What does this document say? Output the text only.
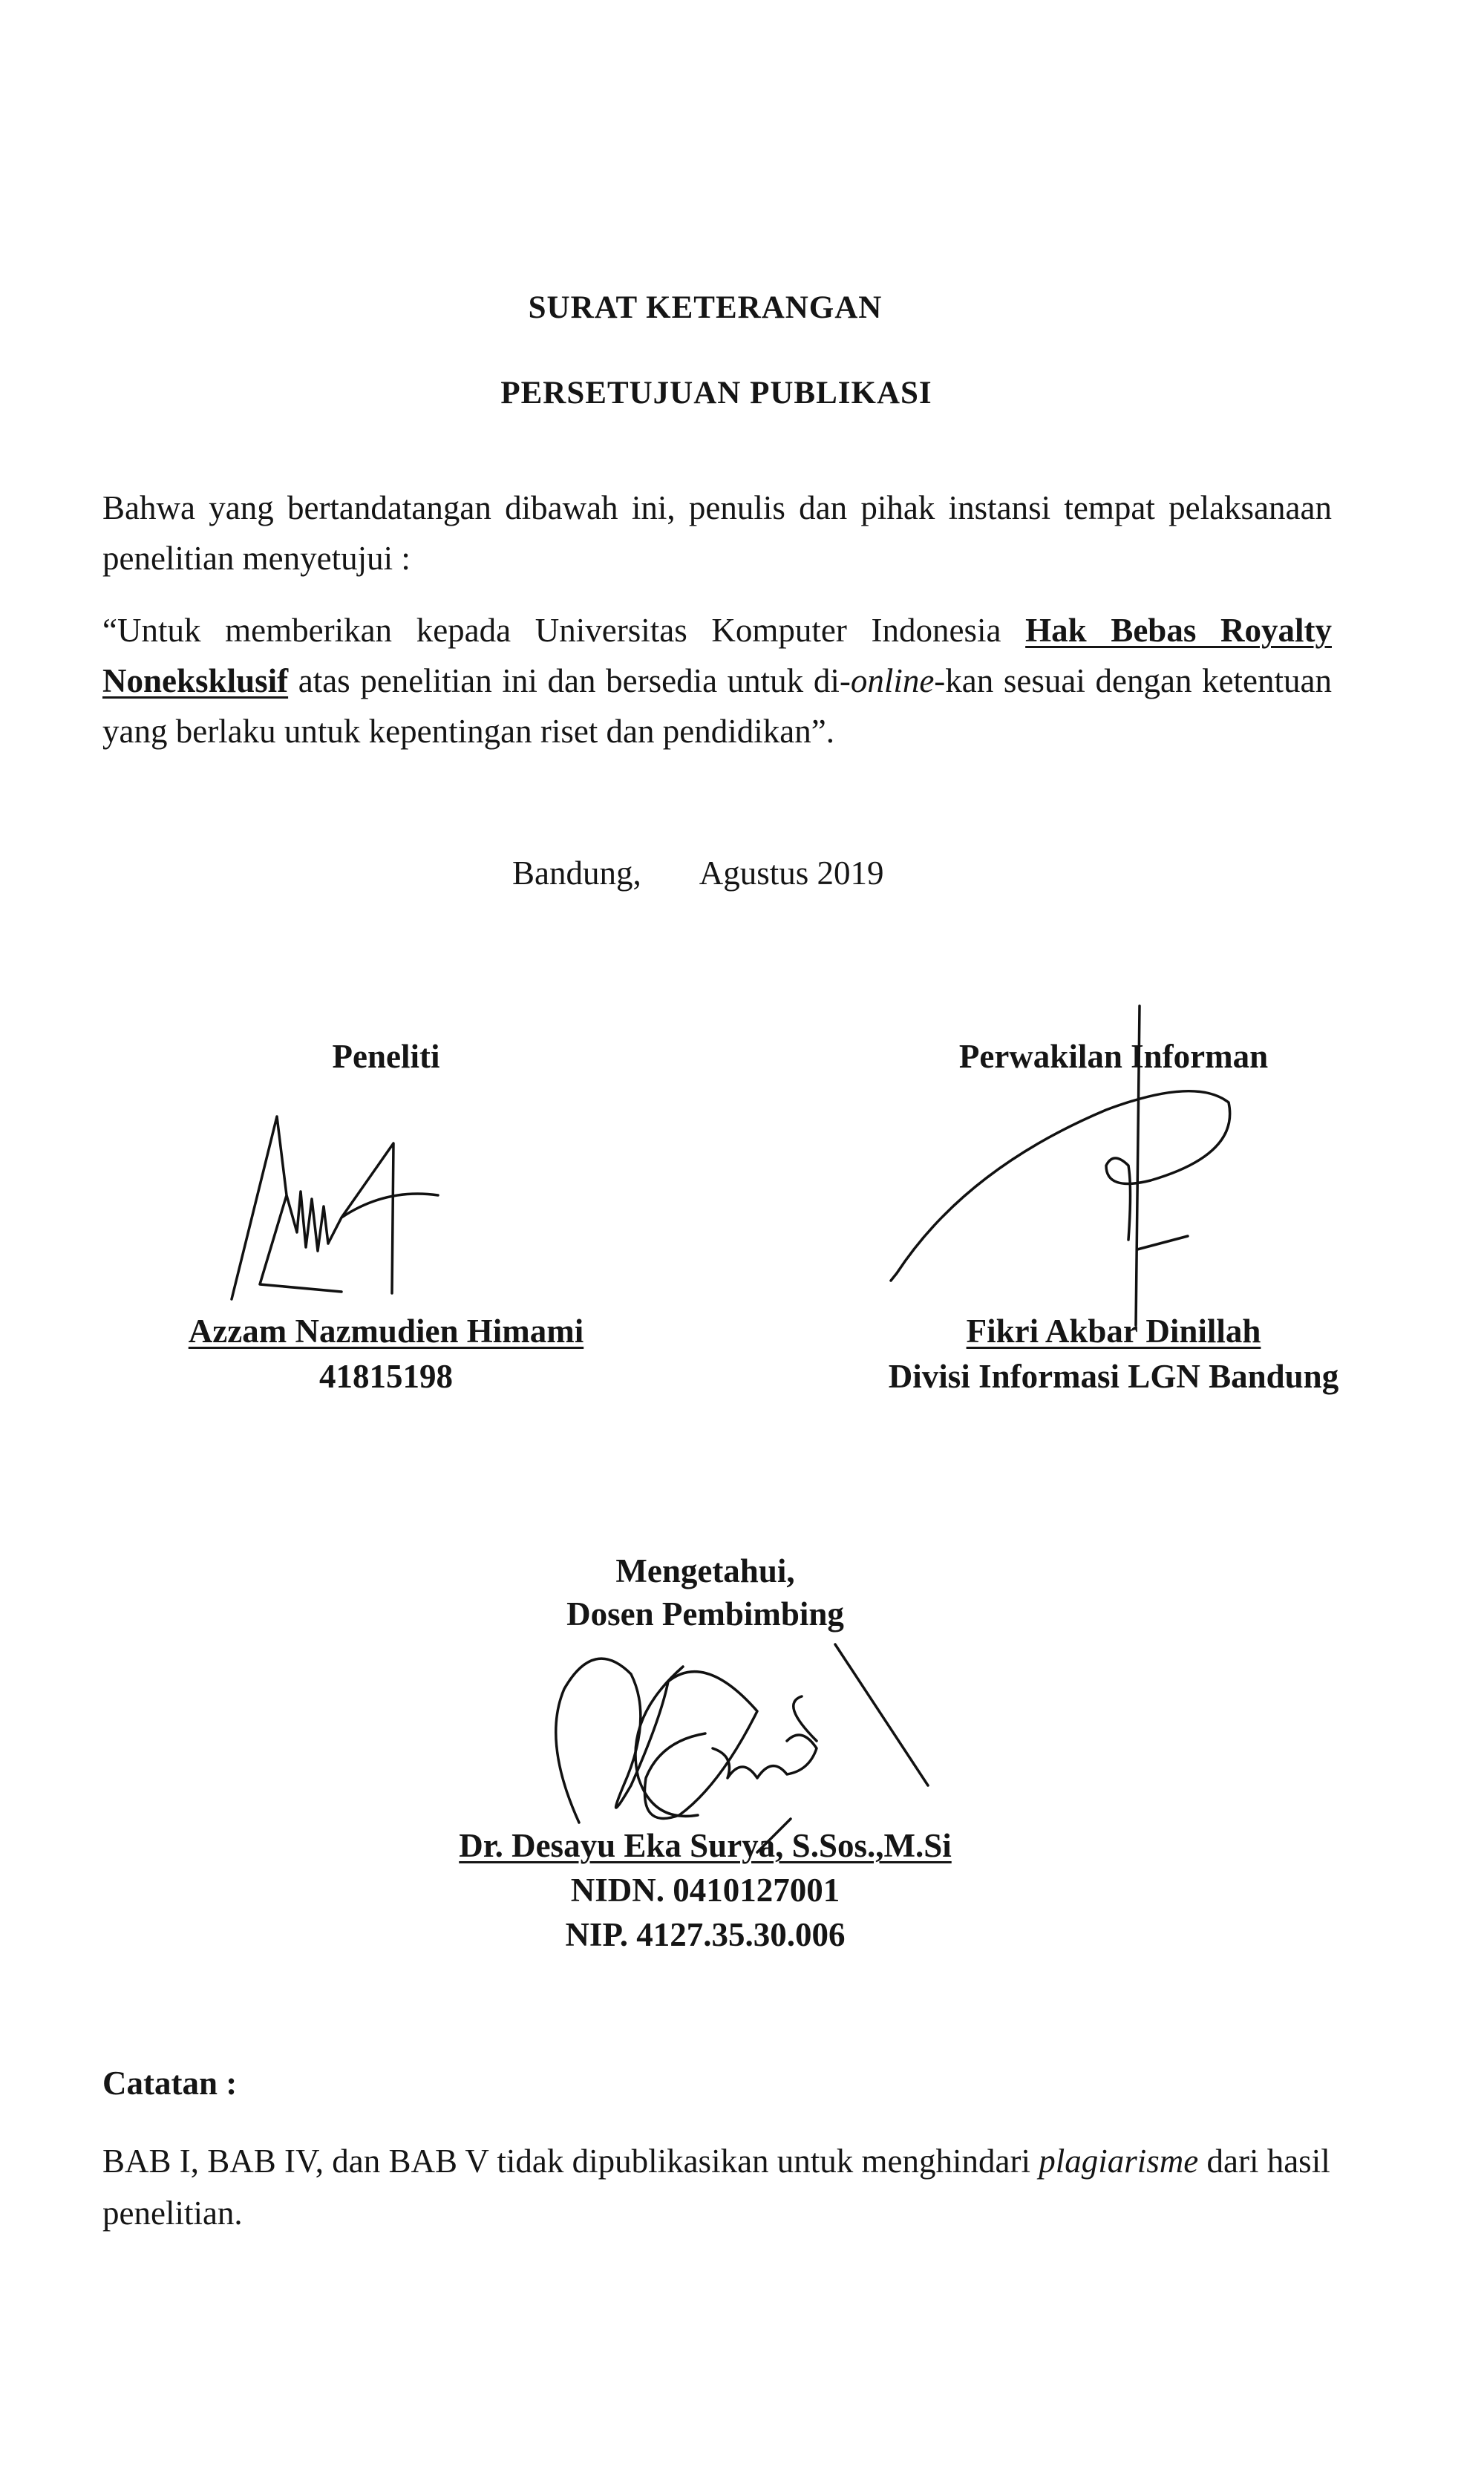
SURAT KETERANGAN
PERSETUJUAN PUBLIKASI
Bahwa yang bertandatangan dibawah ini, penulis dan pihak instansi tempat pelaksanaan penelitian menyetujui :
“Untuk memberikan kepada Universitas Komputer Indonesia Hak Bebas Royalty Noneksklusif atas penelitian ini dan bersedia untuk di-online-kan sesuai dengan ketentuan yang berlaku untuk kepentingan riset dan pendidikan”.
Bandung, Agustus 2019
Peneliti	Perwakilan Informan
Azzam Nazmudien Himami
41815198
Fikri Akbar Dinillah
Divisi Informasi LGN Bandung
Mengetahui,
Dosen Pembimbing
Dr. Desayu Eka Surya, S.Sos.,M.Si
NIDN. 0410127001
NIP. 4127.35.30.006
Catatan :
BAB I, BAB IV, dan BAB V tidak dipublikasikan untuk menghindari plagiarisme dari hasil penelitian.
